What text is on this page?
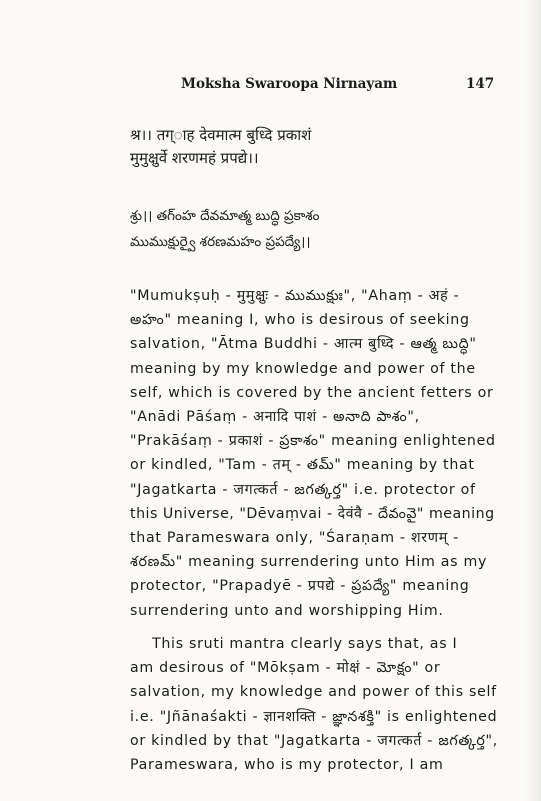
Moksha Swaroopa Nirnayam	147
श्र।। तग्ाह देवमात्म बुध्दि प्रकाशं
मुमुक्षुर्वे शरणमहं प्रपद्ये।।
శ్రు।। తగ్ంహ దేవమాత్మ బుద్ధి ప్రకాశం
ముముక్షుర్వై శరణమహం ప్రపద్యే।।
"Mumukṣuḥ - मुमुक्षुः - ముముక్షుః", "Ahaṃ - अहं -
అహం" meaning I, who is desirous of seeking
salvation, "Ātma Buddhi - आत्म बुध्दि - ఆత్మ బుద్ధి"
meaning by my knowledge and power of the
self, which is covered by the ancient fetters or
"Anādi Pāśaṃ - अनादि पाशं - అనాది పాశం",
"Prakāśaṃ - प्रकाशं - ప్రకాశం" meaning enlightened
or kindled, "Tam - तम् - తమ్" meaning by that
"Jagatkarta - जगत्कर्त - జగత్కర్త" i.e. protector of
this Universe, "Dēvaṃvai - देवंवै - దేవంవై" meaning
that Parameswara only, "Śaraṇam - शरणम् -
శరణమ్" meaning surrendering unto Him as my
protector, "Prapadyē - प्रपद्ये - ప్రపద్యే" meaning
surrendering unto and worshipping Him.
This sruti mantra clearly says that, as I
am desirous of "Mōkṣam - मोक्षं - మోక్షం" or
salvation, my knowledge and power of this self
i.e. "Jñānaśakti - ज्ञानशक्ति - జ్ఞానశక్తి" is enlightened
or kindled by that "Jagatkarta - जगत्कर्त - జగత్కర్త",
Parameswara, who is my protector, I am
